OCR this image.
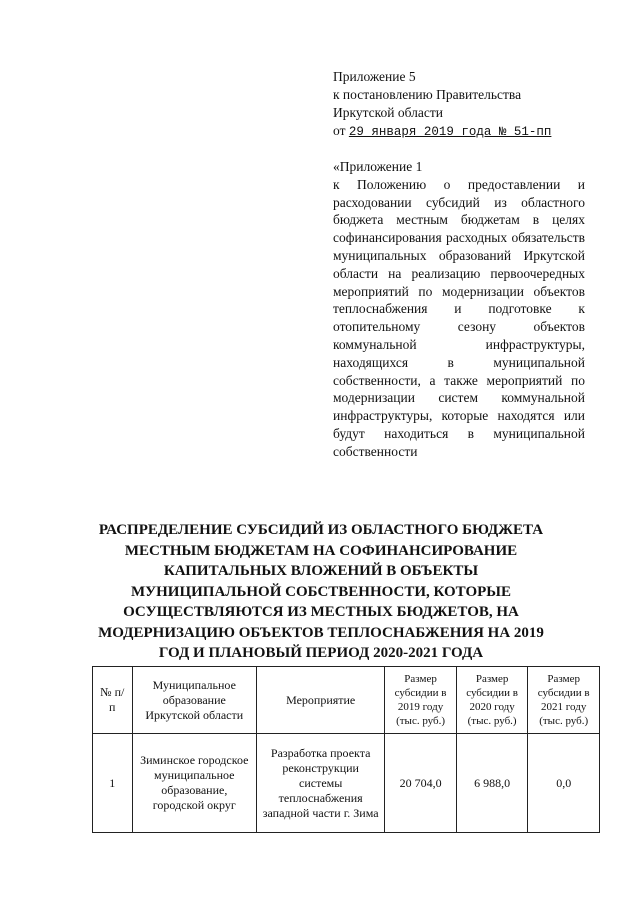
Приложение 5
к постановлению Правительства
Иркутской области
от 29 января 2019 года № 51-пп
«Приложение 1
к Положению о предоставлении и расходовании субсидий из областного бюджета местным бюджетам в целях софинансирования расходных обязательств муниципальных образований Иркутской области на реализацию первоочередных мероприятий по модернизации объектов теплоснабжения и подготовке к отопительному сезону объектов коммунальной инфраструктуры, находящихся в муниципальной собственности, а также мероприятий по модернизации систем коммунальной инфраструктуры, которые находятся или будут находиться в муниципальной собственности
РАСПРЕДЕЛЕНИЕ СУБСИДИЙ ИЗ ОБЛАСТНОГО БЮДЖЕТА МЕСТНЫМ БЮДЖЕТАМ НА СОФИНАНСИРОВАНИЕ КАПИТАЛЬНЫХ ВЛОЖЕНИЙ В ОБЪЕКТЫ МУНИЦИПАЛЬНОЙ СОБСТВЕННОСТИ, КОТОРЫЕ ОСУЩЕСТВЛЯЮТСЯ ИЗ МЕСТНЫХ БЮДЖЕТОВ, НА МОДЕРНИЗАЦИЮ ОБЪЕКТОВ ТЕПЛОСНАБЖЕНИЯ НА 2019 ГОД И ПЛАНОВЫЙ ПЕРИОД 2020-2021 ГОДА
№ п/п	Муниципальное образование Иркутской области	Мероприятие	Размер субсидии в 2019 году (тыс. руб.)	Размер субсидии в 2020 году (тыс. руб.)	Размер субсидии в 2021 году (тыс. руб.)
1	Зиминское городское муниципальное образование, городской округ	Разработка проекта реконструкции системы теплоснабжения западной части г. Зима	20 704,0	6 988,0	0,0
